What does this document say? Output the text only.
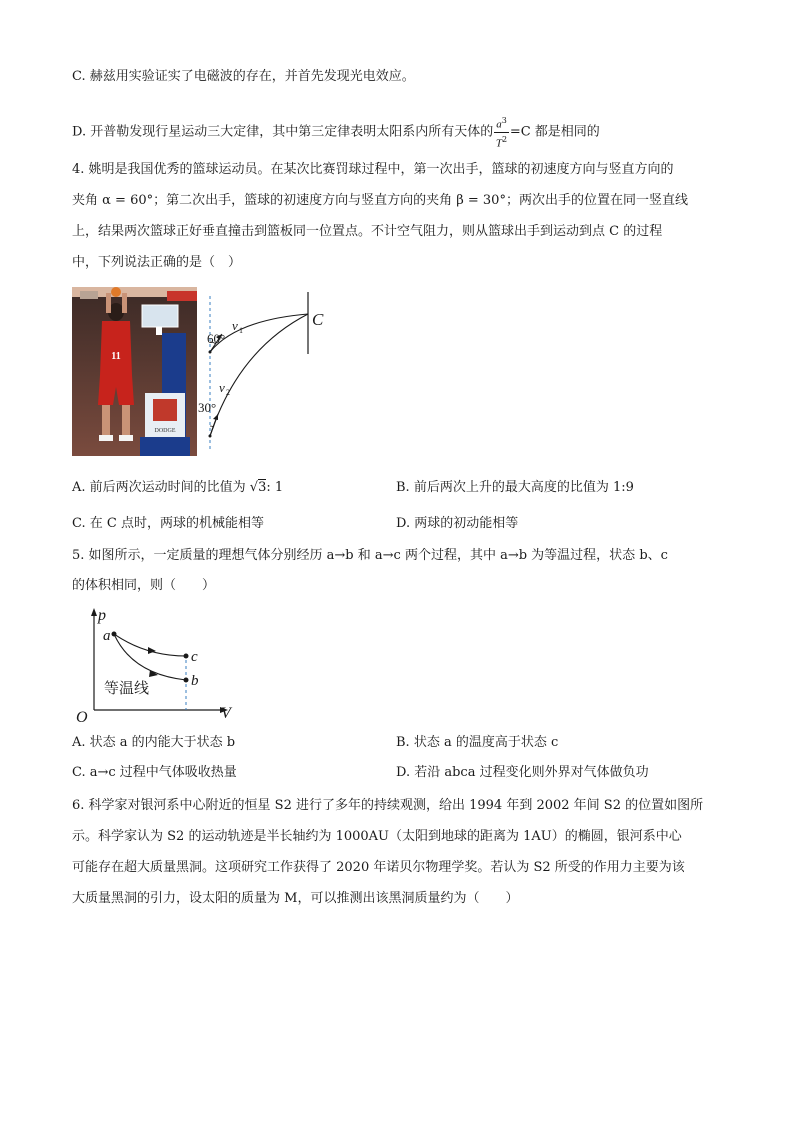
C. 赫兹用实验证实了电磁波的存在，并首先发现光电效应。
D. 开普勒发现行星运动三大定律，其中第三定律表明太阳系内所有天体的 $\frac{a^3}{T^2} =C$ 都是相同的
4. 姚明是我国优秀的篮球运动员。在某次比赛罚球过程中，第一次出手，篮球的初速度方向与竖直方向的
夹角 α = 60°；第二次出手，篮球的初速度方向与竖直方向的夹角 β = 30°；两次出手的位置在同一竖直线
上，结果两次篮球正好垂直撞击到篮板同一位置点。不计空气阻力，则从篮球出手到运动到点 C 的过程
中，下列说法正确的是（　）
DODGE
11
C
v 1
v 2
60°
30°
A. 前后两次运动时间的比值为 √3: 1	B. 前后两次上升的最大高度的比值为 1:9
C. 在 C 点时，两球的机械能相等	D. 两球的初动能相等
5. 如图所示，一定质量的理想气体分别经历 a→b 和 a→c 两个过程，其中 a→b 为等温过程，状态 b、c
的体积相同，则（　　）
p
V
O
a
c
b
等温线
A. 状态 a 的内能大于状态 b	B. 状态 a 的温度高于状态 c
C. a→c 过程中气体吸收热量	D. 若沿 abca 过程变化则外界对气体做负功
6. 科学家对银河系中心附近的恒星 S2 进行了多年的持续观测，给出 1994 年到 2002 年间 S2 的位置如图所
示。科学家认为 S2 的运动轨迹是半长轴约为 1000AU（太阳到地球的距离为 1AU）的椭圆，银河系中心
可能存在超大质量黑洞。这项研究工作获得了 2020 年诺贝尔物理学奖。若认为 S2 所受的作用力主要为该
大质量黑洞的引力，设太阳的质量为 M，可以推测出该黑洞质量约为（　　）
